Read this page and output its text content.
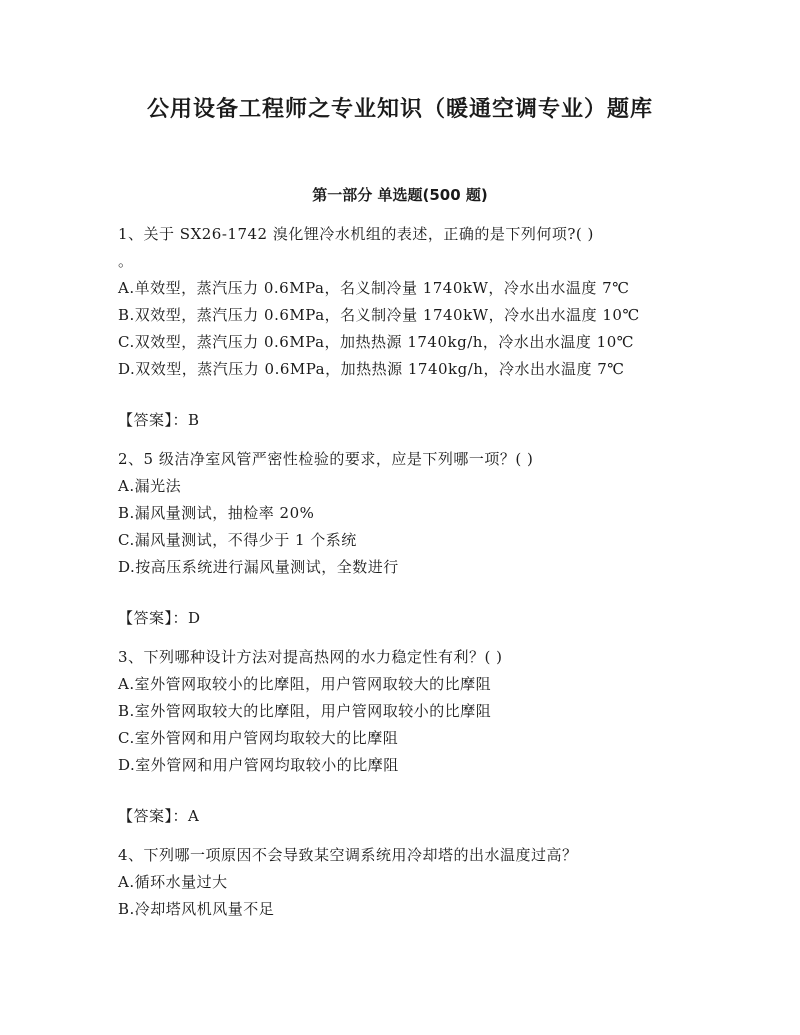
公用设备工程师之专业知识（暖通空调专业）题库
第一部分 单选题(500 题)

1、关于 SX26-1742 溴化锂冷水机组的表述，正确的是下列何项?( )

。

A.单效型，蒸汽压力 0.6MPa，名义制冷量 1740kW，冷水出水温度 7℃

B.双效型，蒸汽压力 0.6MPa，名义制冷量 1740kW，冷水出水温度 10℃

C.双效型，蒸汽压力 0.6MPa，加热热源 1740kg/h，冷水出水温度 10℃

D.双效型，蒸汽压力 0.6MPa，加热热源 1740kg/h，冷水出水温度 7℃

【答案】：B

2、5 级洁净室风管严密性检验的要求，应是下列哪一项？( )

A.漏光法

B.漏风量测试，抽检率 20%

C.漏风量测试，不得少于 1 个系统

D.按高压系统进行漏风量测试，全数进行

【答案】：D

3、下列哪种设计方法对提高热网的水力稳定性有利？( )

A.室外管网取较小的比摩阻，用户管网取较大的比摩阻

B.室外管网取较大的比摩阻，用户管网取较小的比摩阻

C.室外管网和用户管网均取较大的比摩阻

D.室外管网和用户管网均取较小的比摩阻

【答案】：A

4、下列哪一项原因不会导致某空调系统用冷却塔的出水温度过高？

A.循环水量过大

B.冷却塔风机风量不足
